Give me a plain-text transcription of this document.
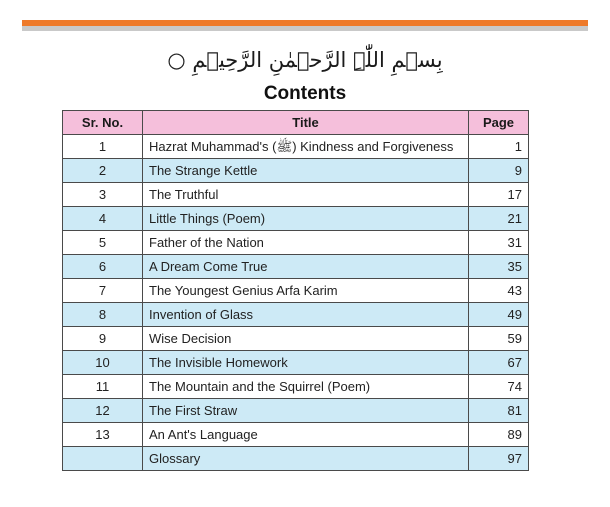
بِسۡمِ اللّٰہِ الرَّحۡمٰنِ الرَّحِیۡمِ ○
Contents
Sr. No.	Title	Page
1	Hazrat Muhammad's (ﷺ) Kindness and Forgiveness	1
2	The Strange Kettle	9
3	The Truthful	17
4	Little Things (Poem)	21
5	Father of the Nation	31
6	A Dream Come True	35
7	The Youngest Genius Arfa Karim	43
8	Invention of Glass	49
9	Wise Decision	59
10	The Invisible Homework	67
11	The Mountain and the Squirrel (Poem)	74
12	The First Straw	81
13	An Ant's Language	89
	Glossary	97
